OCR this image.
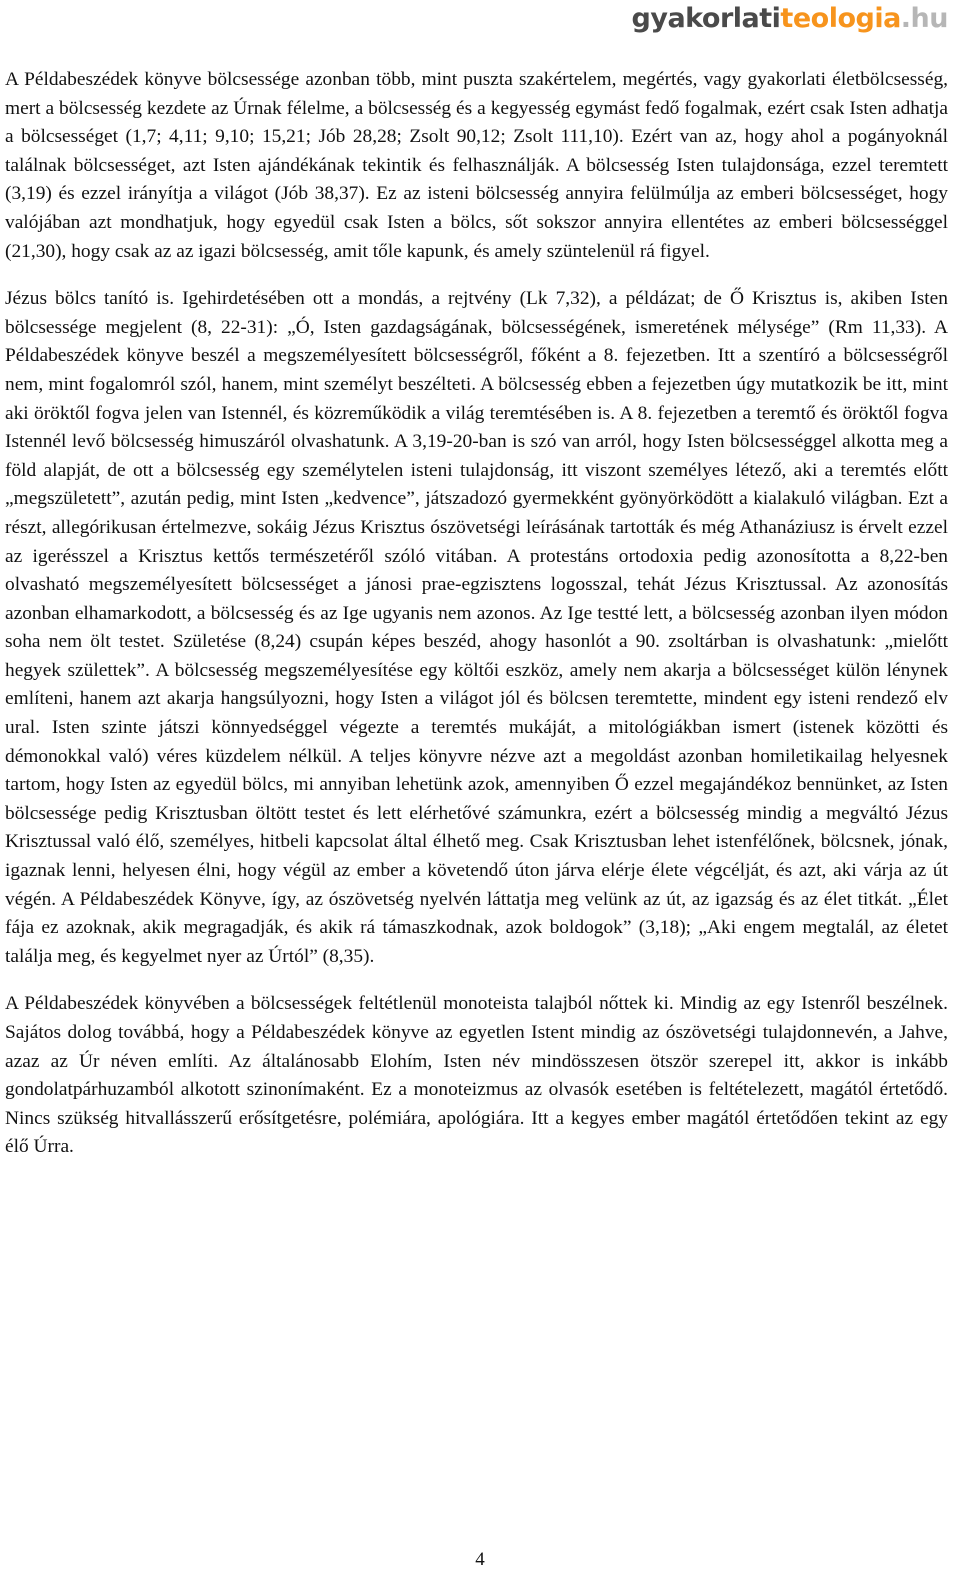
gyakorlatiteologia.hu

A Példabeszédek könyve bölcsessége azonban több, mint puszta szakértelem, megértés, vagy gyakorlati életbölcsesség, mert a bölcsesség kezdete az Úrnak félelme, a bölcsesség és a kegyesség egymást fedő fogalmak, ezért csak Isten adhatja a bölcsességet (1,7; 4,11; 9,10; 15,21; Jób 28,28; Zsolt 90,12; Zsolt 111,10). Ezért van az, hogy ahol a pogányoknál találnak bölcsességet, azt Isten ajándékának tekintik és felhasználják. A bölcsesség Isten tulajdonsága, ezzel teremtett (3,19) és ezzel irányítja a világot (Jób 38,37). Ez az isteni bölcsesség annyira felülmúlja az emberi bölcsességet, hogy valójában azt mondhatjuk, hogy egyedül csak Isten a bölcs, sőt sokszor annyira ellentétes az emberi bölcsességgel (21,30), hogy csak az az igazi bölcsesség, amit tőle kapunk, és amely szüntelenül rá figyel.

Jézus bölcs tanító is. Igehirdetésében ott a mondás, a rejtvény (Lk 7,32), a példázat; de Ő Krisztus is, akiben Isten bölcsessége megjelent (8, 22-31): „Ó, Isten gazdagságának, bölcsességének, ismeretének mélysége” (Rm 11,33). A Példabeszédek könyve beszél a megszemélyesített bölcsességről, főként a 8. fejezetben. Itt a szentíró a bölcsességről nem, mint fogalomról szól, hanem, mint személyt beszélteti. A bölcsesség ebben a fejezetben úgy mutatkozik be itt, mint aki öröktől fogva jelen van Istennél, és közreműködik a világ teremtésében is. A 8. fejezetben a teremtő és öröktől fogva Istennél levő bölcsesség himuszáról olvashatunk. A 3,19-20-ban is szó van arról, hogy Isten bölcsességgel alkotta meg a föld alapját, de ott a bölcsesség egy személytelen isteni tulajdonság, itt viszont személyes létező, aki a teremtés előtt „megszületett”, azután pedig, mint Isten „kedvence”, játszadozó gyermekként gyönyörködött a kialakuló világban. Ezt a részt, allegórikusan értelmezve, sokáig Jézus Krisztus ószövetségi leírásának tartották és még Athanáziusz is érvelt ezzel az igerésszel a Krisztus kettős természetéről szóló vitában. A protestáns ortodoxia pedig azonosította a 8,22-ben olvasható megszemélyesített bölcsességet a jánosi prae-egzisztens logosszal, tehát Jézus Krisztussal. Az azonosítás azonban elhamarkodott, a bölcsesség és az Ige ugyanis nem azonos. Az Ige testté lett, a bölcsesség azonban ilyen módon soha nem ölt testet. Születése (8,24) csupán képes beszéd, ahogy hasonlót a 90. zsoltárban is olvashatunk: „mielőtt hegyek születtek”. A bölcsesség megszemélyesítése egy költői eszköz, amely nem akarja a bölcsességet külön lénynek említeni, hanem azt akarja hangsúlyozni, hogy Isten a világot jól és bölcsen teremtette, mindent egy isteni rendező elv ural. Isten szinte játszi könnyedséggel végezte a teremtés mukáját, a mitológiákban ismert (istenek közötti és démonokkal való) véres küzdelem nélkül. A teljes könyvre nézve azt a megoldást azonban homiletikailag helyesnek tartom, hogy Isten az egyedül bölcs, mi annyiban lehetünk azok, amennyiben Ő ezzel megajándékoz bennünket, az Isten bölcsessége pedig Krisztusban öltött testet és lett elérhetővé számunkra, ezért a bölcsesség mindig a megváltó Jézus Krisztussal való élő, személyes, hitbeli kapcsolat által élhető meg. Csak Krisztusban lehet istenfélőnek, bölcsnek, jónak, igaznak lenni, helyesen élni, hogy végül az ember a követendő úton járva elérje élete végcélját, és azt, aki várja az út végén. A Példabeszédek Könyve, így, az ószövetség nyelvén láttatja meg velünk az út, az igazság és az élet titkát. „Élet fája ez azoknak, akik megragadják, és akik rá támaszkodnak, azok boldogok” (3,18); „Aki engem megtalál, az életet találja meg, és kegyelmet nyer az Úrtól” (8,35).

A Példabeszédek könyvében a bölcsességek feltétlenül monoteista talajból nőttek ki. Mindig az egy Istenről beszélnek. Sajátos dolog továbbá, hogy a Példabeszédek könyve az egyetlen Istent mindig az ószövetségi tulajdonnevén, a Jahve, azaz az Úr néven említi. Az általánosabb Elohím, Isten név mindösszesen ötször szerepel itt, akkor is inkább gondolatpárhuzamból alkotott szinonímaként. Ez a monoteizmus az olvasók esetében is feltételezett, magától értetődő. Nincs szükség hitvallásszerű erősítgetésre, polémiára, apológiára. Itt a kegyes ember magától értetődően tekint az egy élő Úrra.

4
